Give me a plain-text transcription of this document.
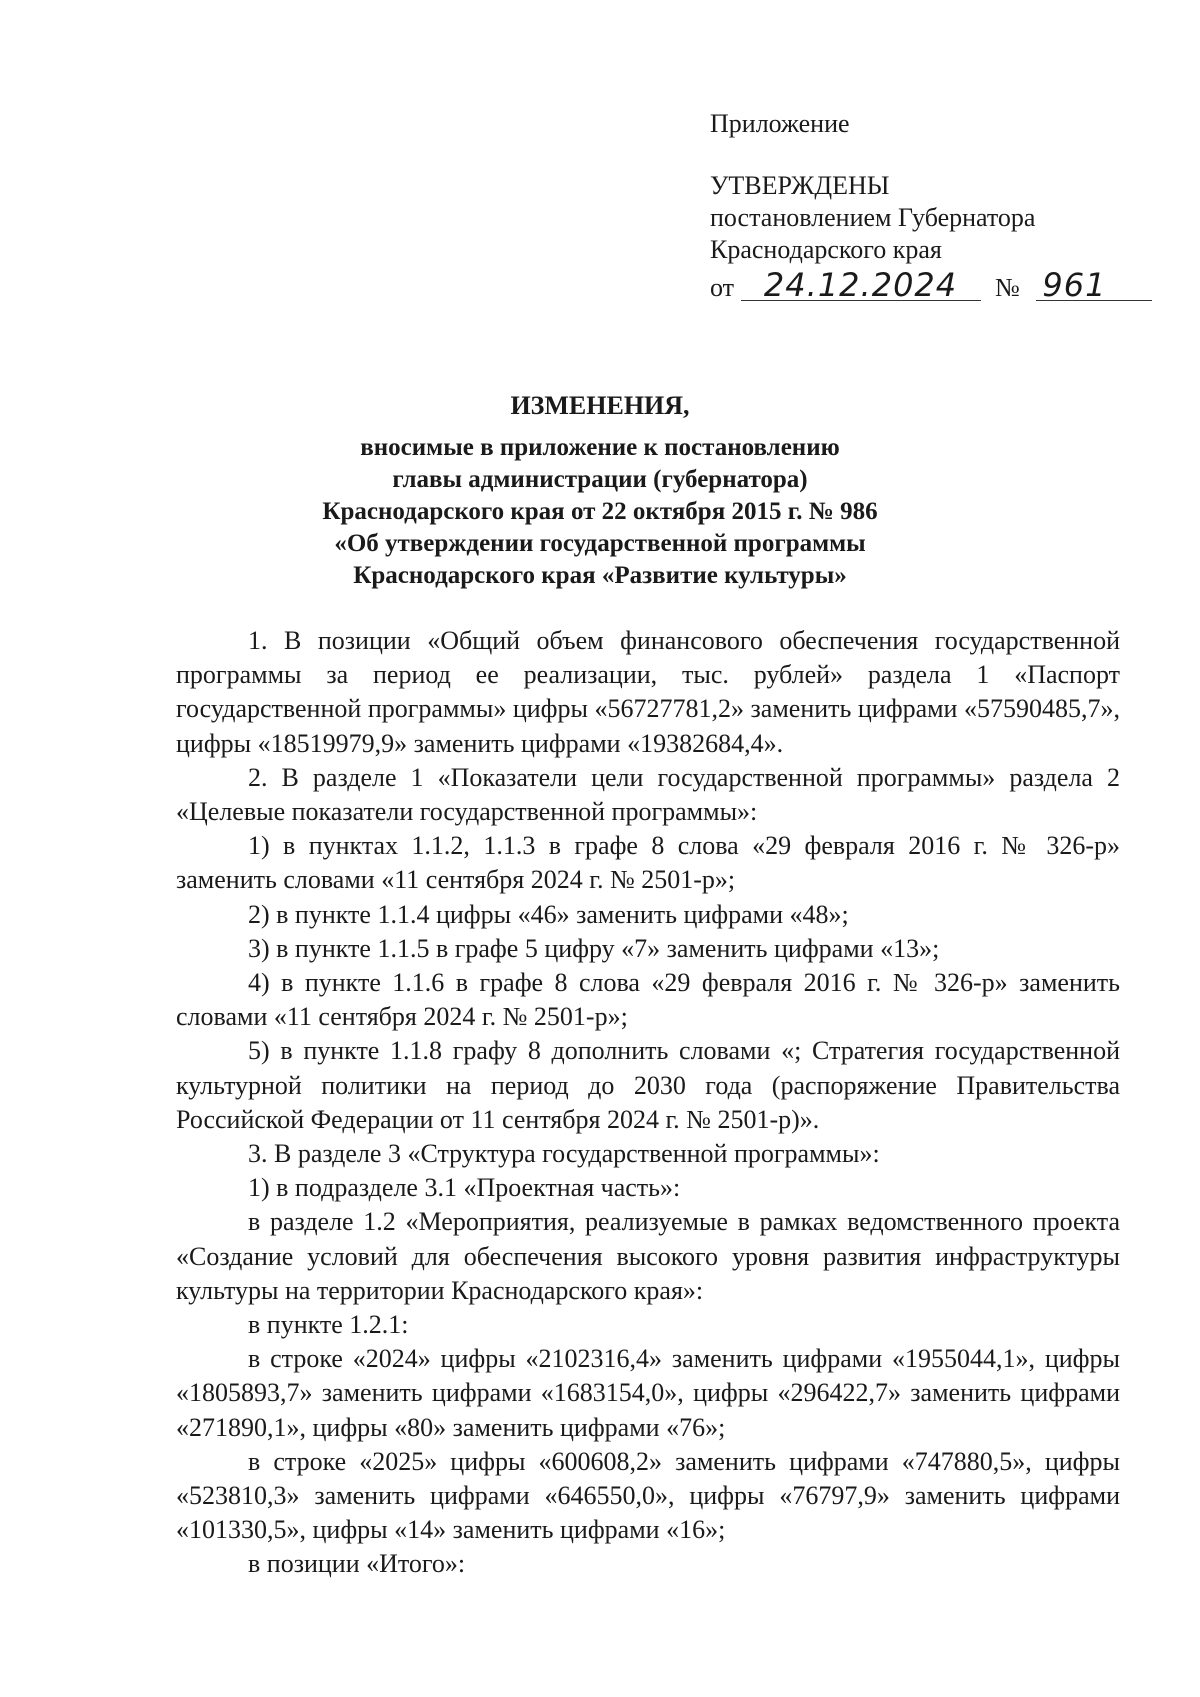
Приложение
УТВЕРЖДЕНЫ
постановлением Губернатора
Краснодарского края
от 24.12.2024 № 961
ИЗМЕНЕНИЯ,
вносимые в приложение к постановлению
главы администрации (губернатора)
Краснодарского края от 22 октября 2015 г. № 986
«Об утверждении государственной программы
Краснодарского края «Развитие культуры»

1. В позиции «Общий объем финансового обеспечения государственной программы за период ее реализации, тыс. рублей» раздела 1 «Паспорт государственной программы» цифры «56727781,2» заменить цифрами «57590485,7», цифры «18519979,9» заменить цифрами «19382684,4».

2. В разделе 1 «Показатели цели государственной программы» раздела 2 «Целевые показатели государственной программы»:

1) в пунктах 1.1.2, 1.1.3 в графе 8 слова «29 февраля 2016 г. № 326-р» заменить словами «11 сентября 2024 г. № 2501-р»;

2) в пункте 1.1.4 цифры «46» заменить цифрами «48»;

3) в пункте 1.1.5 в графе 5 цифру «7» заменить цифрами «13»;

4) в пункте 1.1.6 в графе 8 слова «29 февраля 2016 г. № 326-р» заменить словами «11 сентября 2024 г. № 2501-р»;

5) в пункте 1.1.8 графу 8 дополнить словами «; Стратегия государственной культурной политики на период до 2030 года (распоряжение Правительства Российской Федерации от 11 сентября 2024 г. № 2501-р)».

3. В разделе 3 «Структура государственной программы»:

1) в подразделе 3.1 «Проектная часть»:

в разделе 1.2 «Мероприятия, реализуемые в рамках ведомственного проекта «Создание условий для обеспечения высокого уровня развития инфраструктуры культуры на территории Краснодарского края»:

в пункте 1.2.1:

в строке «2024» цифры «2102316,4» заменить цифрами «1955044,1», цифры «1805893,7» заменить цифрами «1683154,0», цифры «296422,7» заменить цифрами «271890,1», цифры «80» заменить цифрами «76»;

в строке «2025» цифры «600608,2» заменить цифрами «747880,5», цифры «523810,3» заменить цифрами «646550,0», цифры «76797,9» заменить цифрами «101330,5», цифры «14» заменить цифрами «16»;

в позиции «Итого»:
